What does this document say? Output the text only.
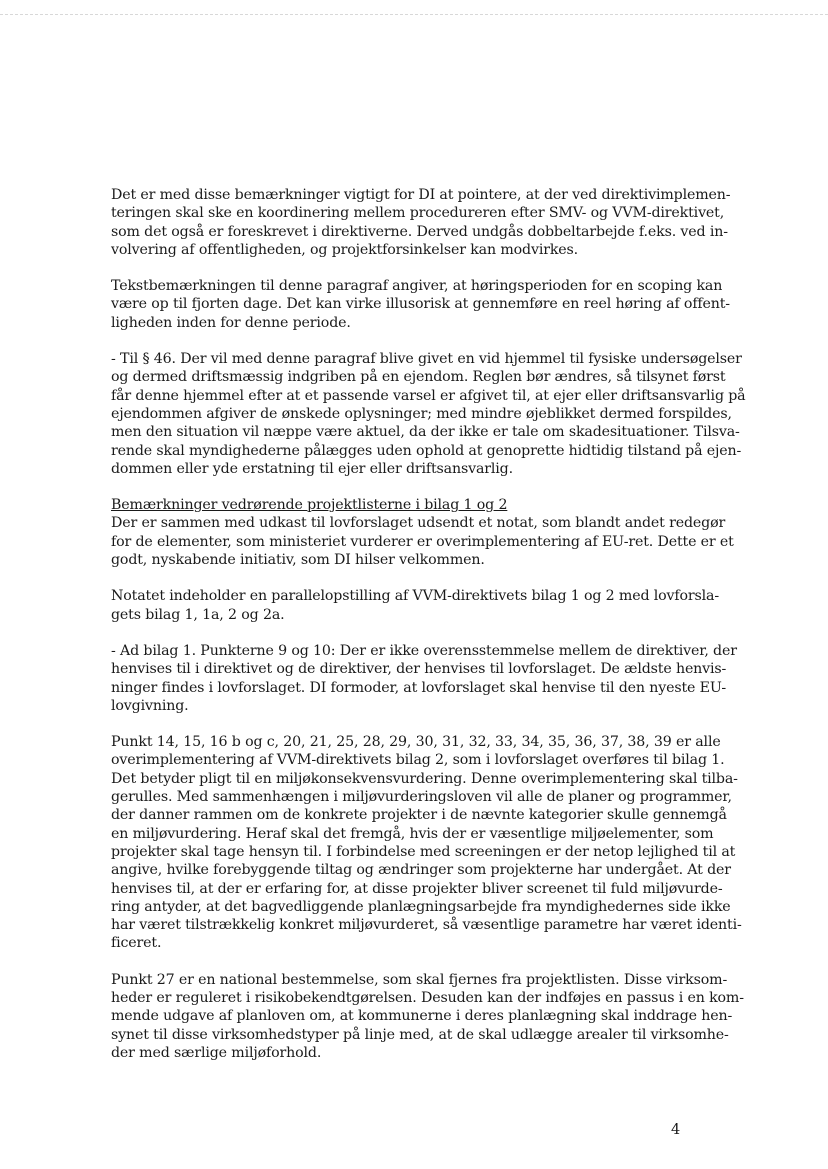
Det er med disse bemærkninger vigtigt for DI at pointere, at der ved direktivimplemen-
teringen skal ske en koordinering mellem procedureren efter SMV- og VVM-direktivet,
som det også er foreskrevet i direktiverne. Derved undgås dobbeltarbejde f.eks. ved in-
volvering af offentligheden, og projektforsinkelser kan modvirkes.
Tekstbemærkningen til denne paragraf angiver, at høringsperioden for en scoping kan
være op til fjorten dage. Det kan virke illusorisk at gennemføre en reel høring af offent-
ligheden inden for denne periode.
- Til § 46. Der vil med denne paragraf blive givet en vid hjemmel til fysiske undersøgelser
og dermed driftsmæssig indgriben på en ejendom. Reglen bør ændres, så tilsynet først
får denne hjemmel efter at et passende varsel er afgivet til, at ejer eller driftsansvarlig på
ejendommen afgiver de ønskede oplysninger; med mindre øjeblikket dermed forspildes,
men den situation vil næppe være aktuel, da der ikke er tale om skadesituationer. Tilsva-
rende skal myndighederne pålægges uden ophold at genoprette hidtidig tilstand på ejen-
dommen eller yde erstatning til ejer eller driftsansvarlig.
Bemærkninger vedrørende projektlisterne i bilag 1 og 2
Der er sammen med udkast til lovforslaget udsendt et notat, som blandt andet redegør
for de elementer, som ministeriet vurderer er overimplementering af EU-ret. Dette er et
godt, nyskabende initiativ, som DI hilser velkommen.
Notatet indeholder en parallelopstilling af VVM-direktivets bilag 1 og 2 med lovforsla-
gets bilag 1, 1a, 2 og 2a.
- Ad bilag 1. Punkterne 9 og 10: Der er ikke overensstemmelse mellem de direktiver, der
henvises til i direktivet og de direktiver, der henvises til lovforslaget. De ældste henvis-
ninger findes i lovforslaget. DI formoder, at lovforslaget skal henvise til den nyeste EU-
lovgivning.
Punkt 14, 15, 16 b og c, 20, 21, 25, 28, 29, 30, 31, 32, 33, 34, 35, 36, 37, 38, 39 er alle
overimplementering af VVM-direktivets bilag 2, som i lovforslaget overføres til bilag 1.
Det betyder pligt til en miljøkonsekvensvurdering. Denne overimplementering skal tilba-
gerulles. Med sammenhængen i miljøvurderingsloven vil alle de planer og programmer,
der danner rammen om de konkrete projekter i de nævnte kategorier skulle gennemgå
en miljøvurdering. Heraf skal det fremgå, hvis der er væsentlige miljøelementer, som
projekter skal tage hensyn til. I forbindelse med screeningen er der netop lejlighed til at
angive, hvilke forebyggende tiltag og ændringer som projekterne har undergået. At der
henvises til, at der er erfaring for, at disse projekter bliver screenet til fuld miljøvurde-
ring antyder, at det bagvedliggende planlægningsarbejde fra myndighedernes side ikke
har været tilstrækkelig konkret miljøvurderet, så væsentlige parametre har været identi-
ficeret.
Punkt 27 er en national bestemmelse, som skal fjernes fra projektlisten. Disse virksom-
heder er reguleret i risikobekendtgørelsen. Desuden kan der indføjes en passus i en kom-
mende udgave af planloven om, at kommunerne i deres planlægning skal inddrage hen-
synet til disse virksomhedstyper på linje med, at de skal udlægge arealer til virksomhe-
der med særlige miljøforhold.
4
